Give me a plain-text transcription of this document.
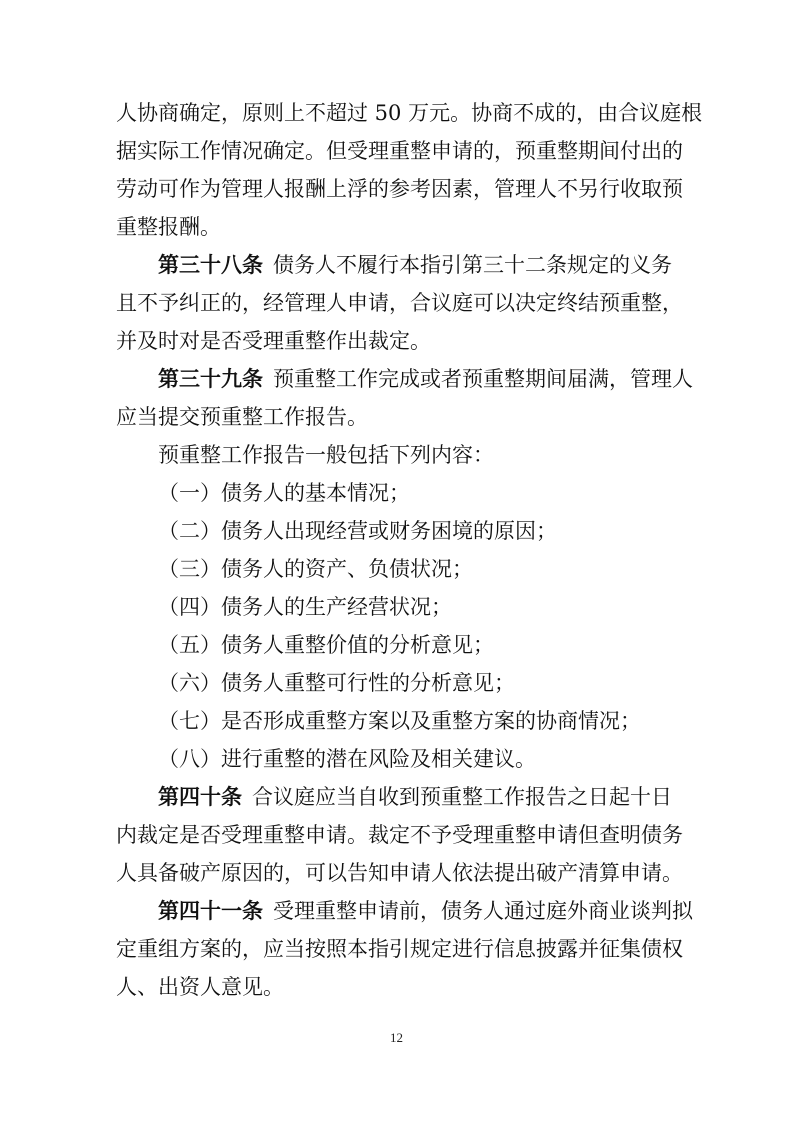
人协商确定，原则上不超过 50 万元。协商不成的，由合议庭根
据实际工作情况确定。但受理重整申请的，预重整期间付出的
劳动可作为管理人报酬上浮的参考因素，管理人不另行收取预
重整报酬。
第三十八条 债务人不履行本指引第三十二条规定的义务
且不予纠正的，经管理人申请，合议庭可以决定终结预重整，
并及时对是否受理重整作出裁定。
第三十九条 预重整工作完成或者预重整期间届满，管理人
应当提交预重整工作报告。
预重整工作报告一般包括下列内容：
（一）债务人的基本情况；
（二）债务人出现经营或财务困境的原因；
（三）债务人的资产、负债状况；
（四）债务人的生产经营状况；
（五）债务人重整价值的分析意见；
（六）债务人重整可行性的分析意见；
（七）是否形成重整方案以及重整方案的协商情况；
（八）进行重整的潜在风险及相关建议。
第四十条 合议庭应当自收到预重整工作报告之日起十日
内裁定是否受理重整申请。裁定不予受理重整申请但查明债务
人具备破产原因的，可以告知申请人依法提出破产清算申请。
第四十一条 受理重整申请前，债务人通过庭外商业谈判拟
定重组方案的，应当按照本指引规定进行信息披露并征集债权
人、出资人意见。
12
